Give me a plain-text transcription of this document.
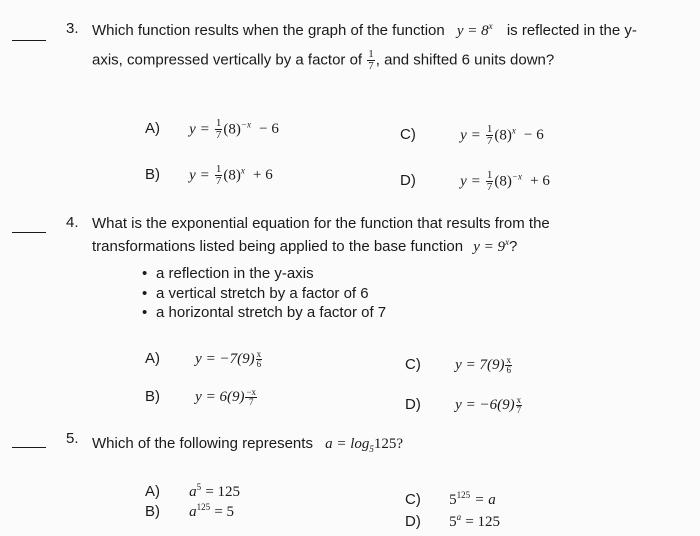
3. Which function results when the graph of the function $y = 8^x$ is reflected in the y-
axis, compressed vertically by a factor of $\frac{1}{7}$ , and shifted 6 units down?
A) $y = \frac{1}{7} (8)^{-x} - 6$
B) $y = \frac{1}{7} (8)^x + 6$
C)	$y = \frac{1}{7} (8)^x - 6$
D)	$y = \frac{1}{7} (8)^{-x} + 6$
4. What is the exponential equation for the function that results from the
transformations listed being applied to the base function $y = 9^x$?
• a reflection in the y-axis
• a vertical stretch by a factor of 6
• a horizontal stretch by a factor of 7
A) $y = -7(9) \frac{x}{6}$
B) $y = 6(9) \frac{-x}{7}$
C) $y = 7(9) \frac{x}{6}$
D) $y = -6(9) \frac{x}{7}$
5. Which of the following represents $a = \log_5125$?
A) $a^5 = 125$
B) $a^{125} = 5$
C) $5^{125} = a$
D) $5^a = 125$
